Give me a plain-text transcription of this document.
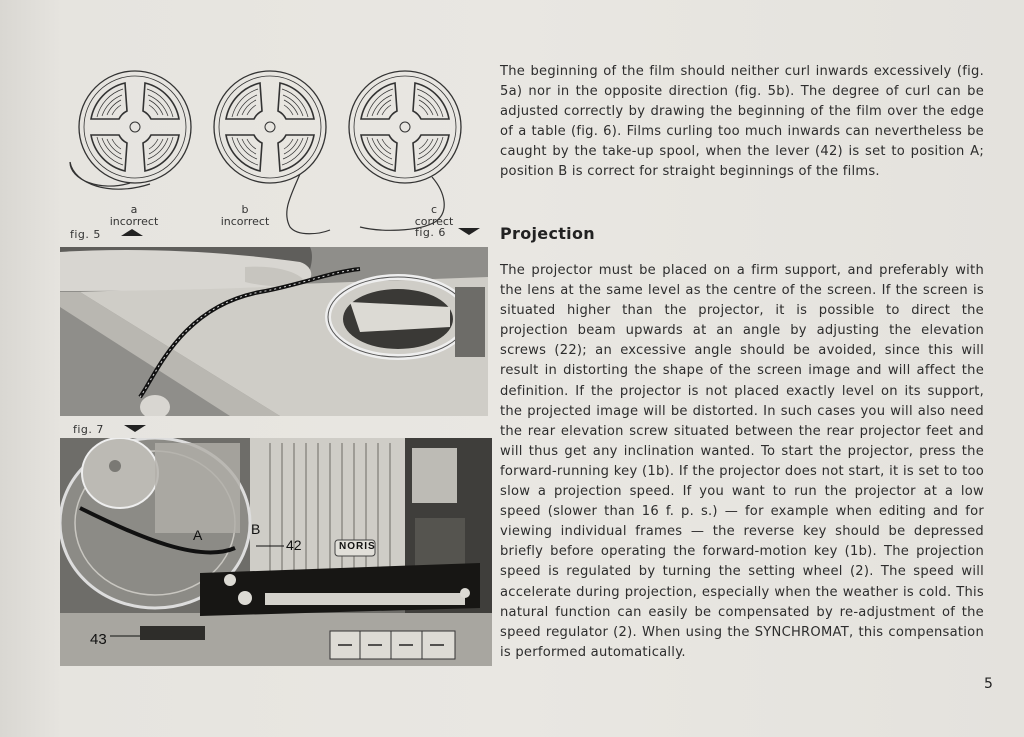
a
incorrect
b
incorrect
c
correct
fig. 5	fig. 6
fig. 7
NORIS
A	B
42
43

The beginning of the film should neither curl inwards excessively (fig. 5a) nor in the opposite direction (fig. 5b). The degree of curl can be adjusted correctly by drawing the beginning of the film over the edge of a table (fig. 6). Films curling too much inwards can nevertheless be caught by the take-up spool, when the lever (42) is set to position A; position B is correct for straight beginnings of the films.

Projection

The projector must be placed on a firm support, and preferably with the lens at the same level as the centre of the screen. If the screen is situated higher than the projector, it is possible to direct the projection beam upwards at an angle by adjusting the elevation screws (22); an excessive angle should be avoided, since this will result in distorting the shape of the screen image and will affect the definition. If the projector is not placed exactly level on its support, the projected image will be distorted. In such cases you will also need the rear elevation screw situated between the rear projector feet and will thus get any inclination wanted. To start the projector, press the forward-running key (1b). If the projector does not start, it is set to too slow a projection speed. If you want to run the projector at a low speed (slower than 16 f. p. s.) — for example when editing and for viewing individual frames — the reverse key should be depressed briefly before operating the forward-motion key (1b). The projection speed is regulated by turning the setting wheel (2). The speed will accelerate during projection, especially when the weather is cold. This natural function can easily be compensated by re-adjustment of the speed regulator (2). When using the SYNCHROMAT, this compensation is performed automatically.

5
